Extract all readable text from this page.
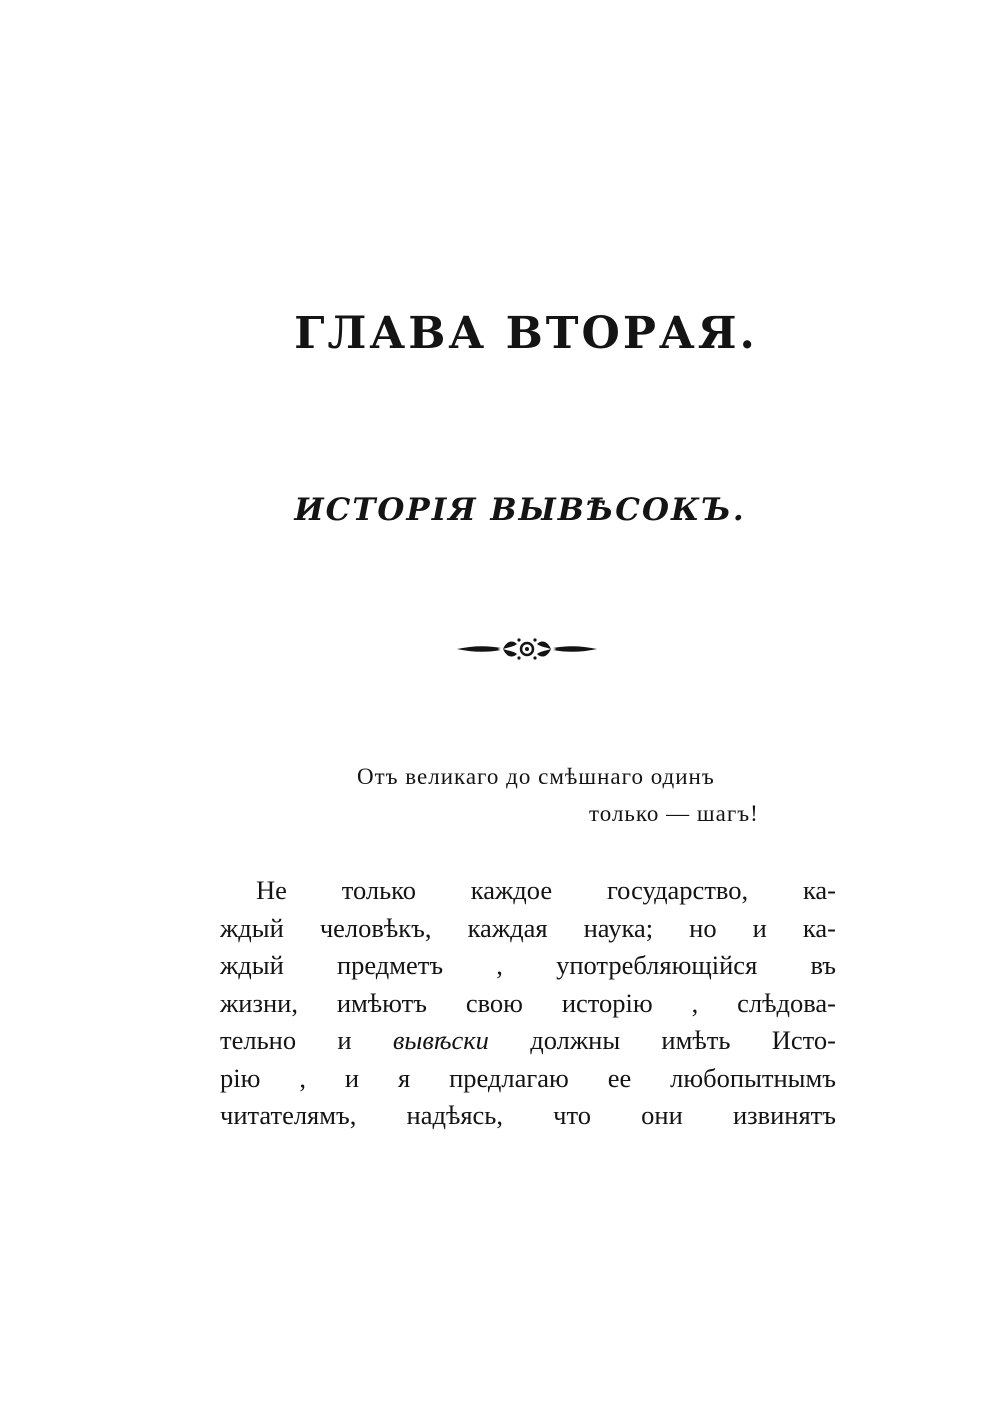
ГЛАВА ВТОРАЯ.
ИСТОРІЯ ВЫВѢСОКЪ.
Отъ великаго до смѣшнаго одинъ
только — шагъ!
Не только каждое государство, ка-
ждый человѣкъ, каждая наука; но и ка-
ждый предметъ , употребляющійся въ
жизни, имѣютъ свою исторію , слѣдова-
тельно и вывѣски должны имѣть Исто-
рію , и я предлагаю ее любопытнымъ
читателямъ, надѣясь, что они извинятъ
